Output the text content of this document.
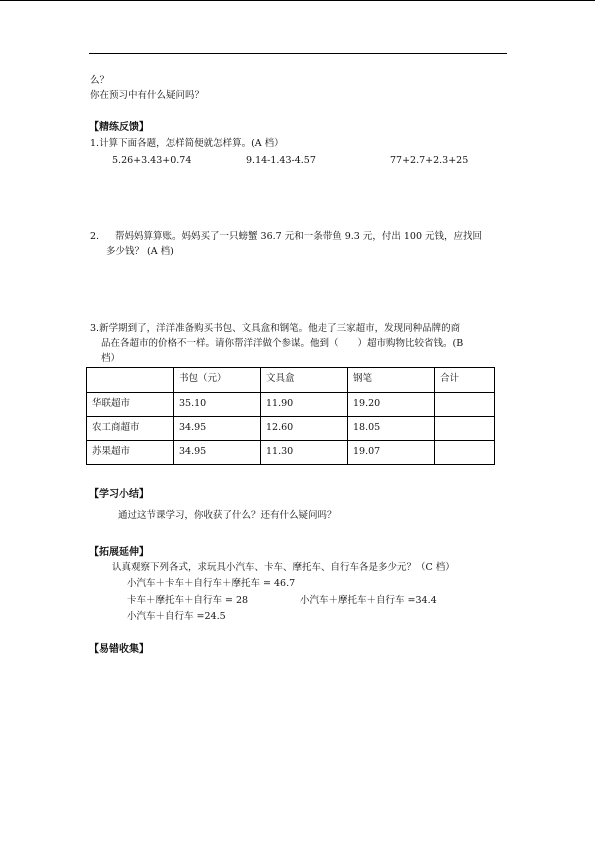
么？
你在预习中有什么疑问吗？
【精练反馈】
1.计算下面各题，怎样简便就怎样算。(A 档）
5.26+3.43+0.74	9.14-1.43-4.57	77+2.7+2.3+25
2. 帮妈妈算算账。妈妈买了一只螃蟹 36.7 元和一条带鱼 9.3 元，付出 100 元钱，应找回
多少钱？ (A 档)
3.新学期到了，洋洋准备购买书包、文具盒和钢笔。他走了三家超市，发现同种品牌的商
品在各超市的价格不一样。请你帮洋洋做个参谋。他到（　　）超市购物比较省钱。(B
档）
	书包（元）	文具盒	钢笔	合计
华联超市	35.10	11.90	19.20	
农工商超市	34.95	12.60	18.05	
苏果超市	34.95	11.30	19.07	
【学习小结】
通过这节课学习，你收获了什么？还有什么疑问吗？
【拓展延伸】
认真观察下列各式，求玩具小汽车、卡车、摩托车、自行车各是多少元？（C 档）
小汽车＋卡车＋自行车＋摩托车 = 46.7
卡车＋摩托车＋自行车 = 28	小汽车＋摩托车＋自行车 =34.4
小汽车＋自行车 =24.5
【易错收集】
